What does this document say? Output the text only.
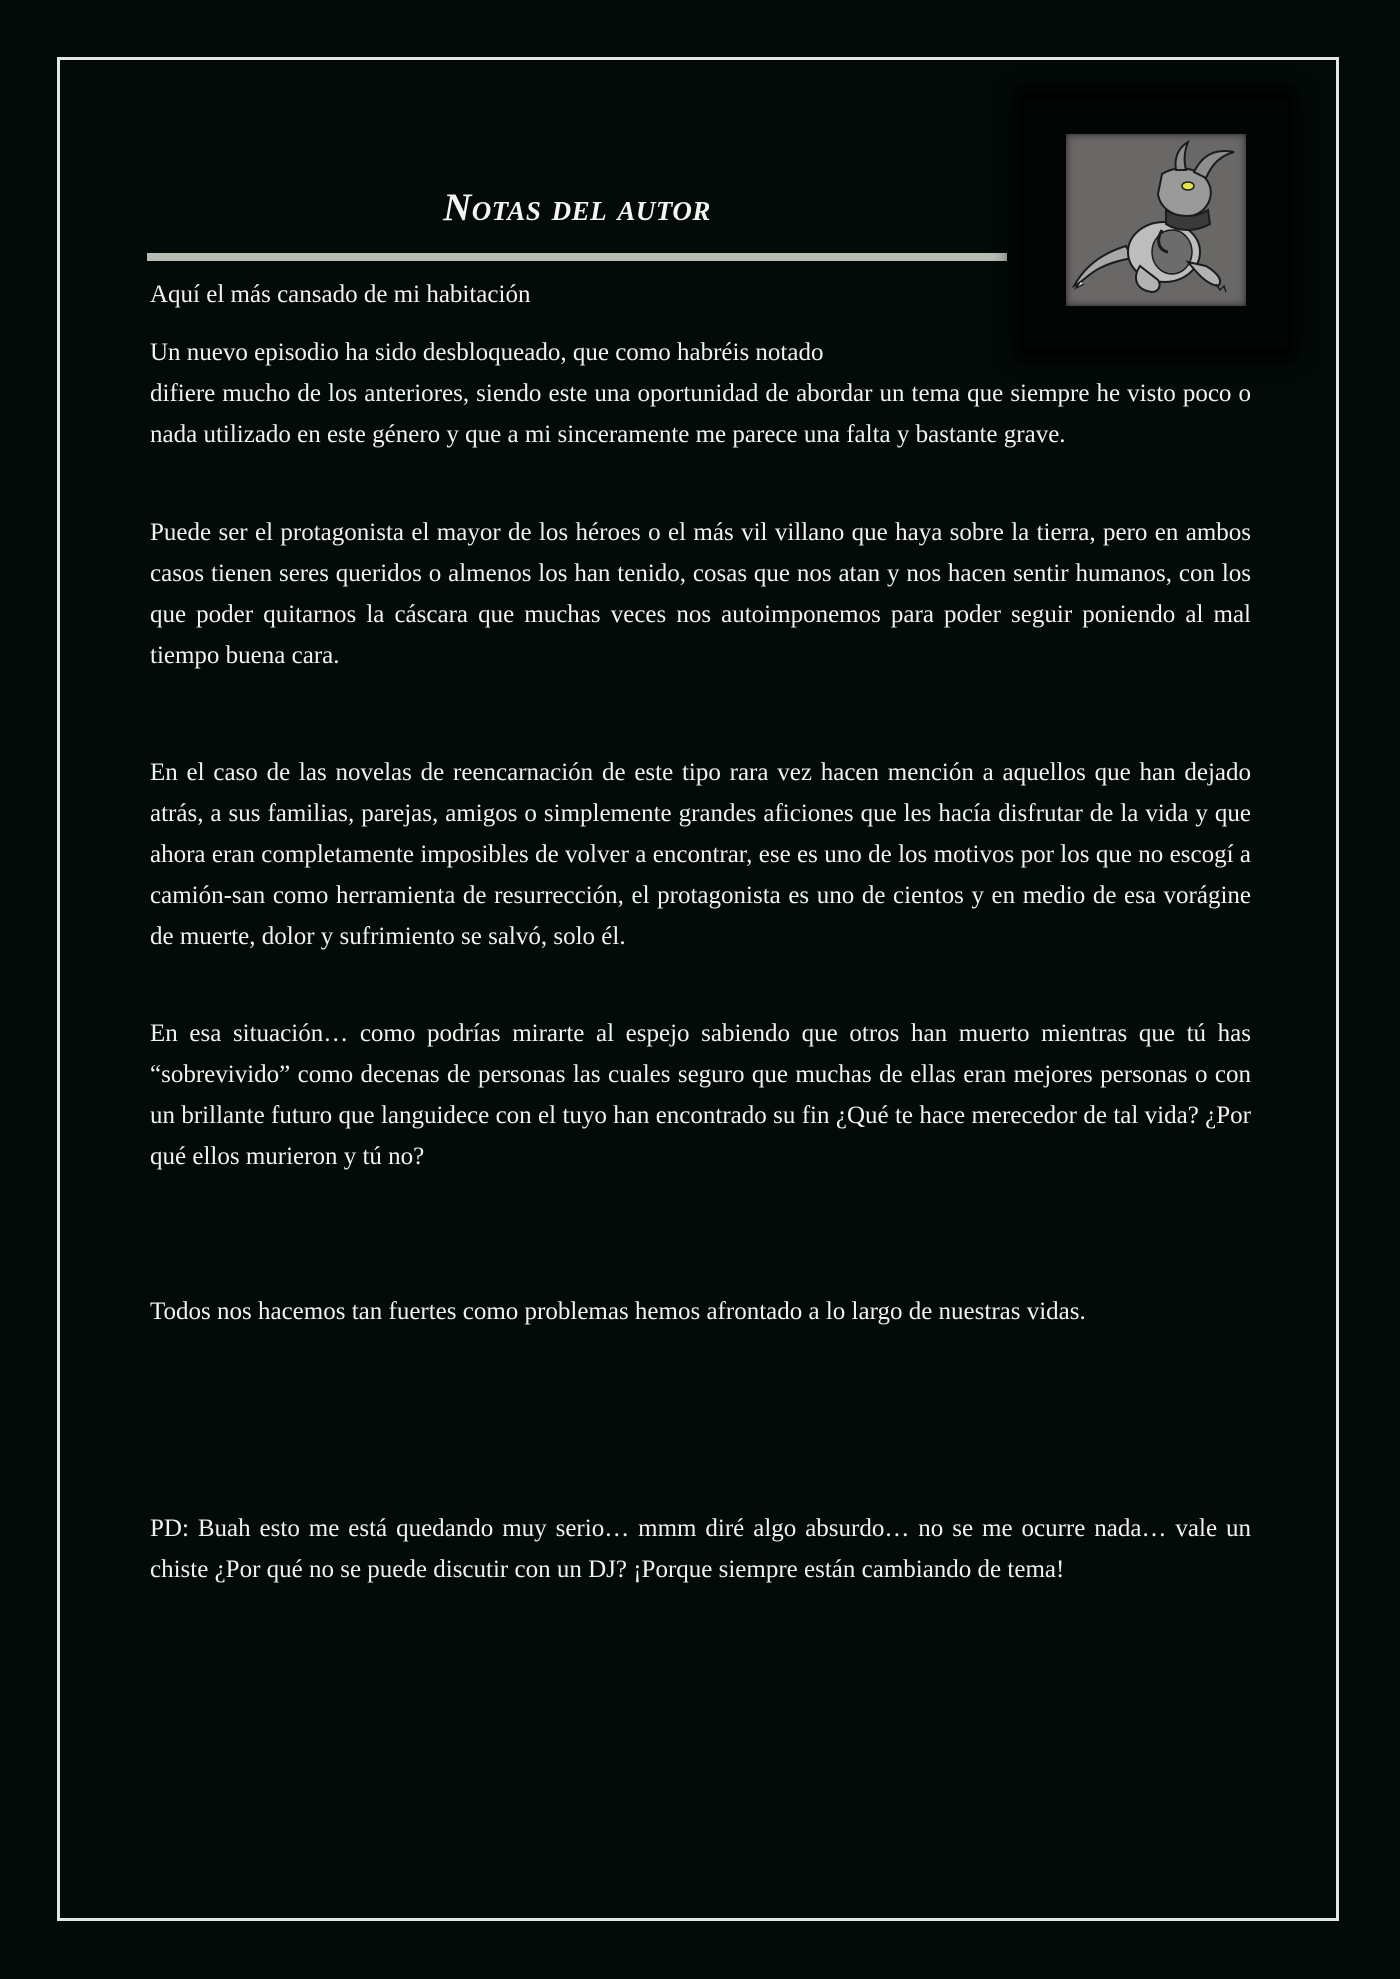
Notas del autor

Aquí el más cansado de mi habitación

Un nuevo episodio ha sido desbloqueado, que como habréis notado

difiere mucho de los anteriores, siendo este una oportunidad de abordar un tema que siempre he visto poco o nada utilizado en este género y que a mi sinceramente me parece una falta y bastante grave.

Puede ser el protagonista el mayor de los héroes o el más vil villano que haya sobre la tierra, pero en ambos casos tienen seres queridos o almenos los han tenido, cosas que nos atan y nos hacen sentir humanos, con los que poder quitarnos la cáscara que muchas veces nos autoimponemos para poder seguir poniendo al mal tiempo buena cara.

En el caso de las novelas de reencarnación de este tipo rara vez hacen mención a aquellos que han dejado atrás, a sus familias, parejas, amigos o simplemente grandes aficiones que les hacía disfrutar de la vida y que ahora eran completamente imposibles de volver a encontrar, ese es uno de los motivos por los que no escogí a camión-san como herramienta de resurrección, el protagonista es uno de cientos y en medio de esa vorágine de muerte, dolor y sufrimiento se salvó, solo él.

En esa situación… como podrías mirarte al espejo sabiendo que otros han muerto mientras que tú has “sobrevivido” como decenas de personas las cuales seguro que muchas de ellas eran mejores personas o con un brillante futuro que languidece con el tuyo han encontrado su fin ¿Qué te hace merecedor de tal vida? ¿Por qué ellos murieron y tú no?

Todos nos hacemos tan fuertes como problemas hemos afrontado a lo largo de nuestras vidas.

PD: Buah esto me está quedando muy serio… mmm diré algo absurdo… no se me ocurre nada… vale un chiste ¿Por qué no se puede discutir con un DJ? ¡Porque siempre están cambiando de tema!
